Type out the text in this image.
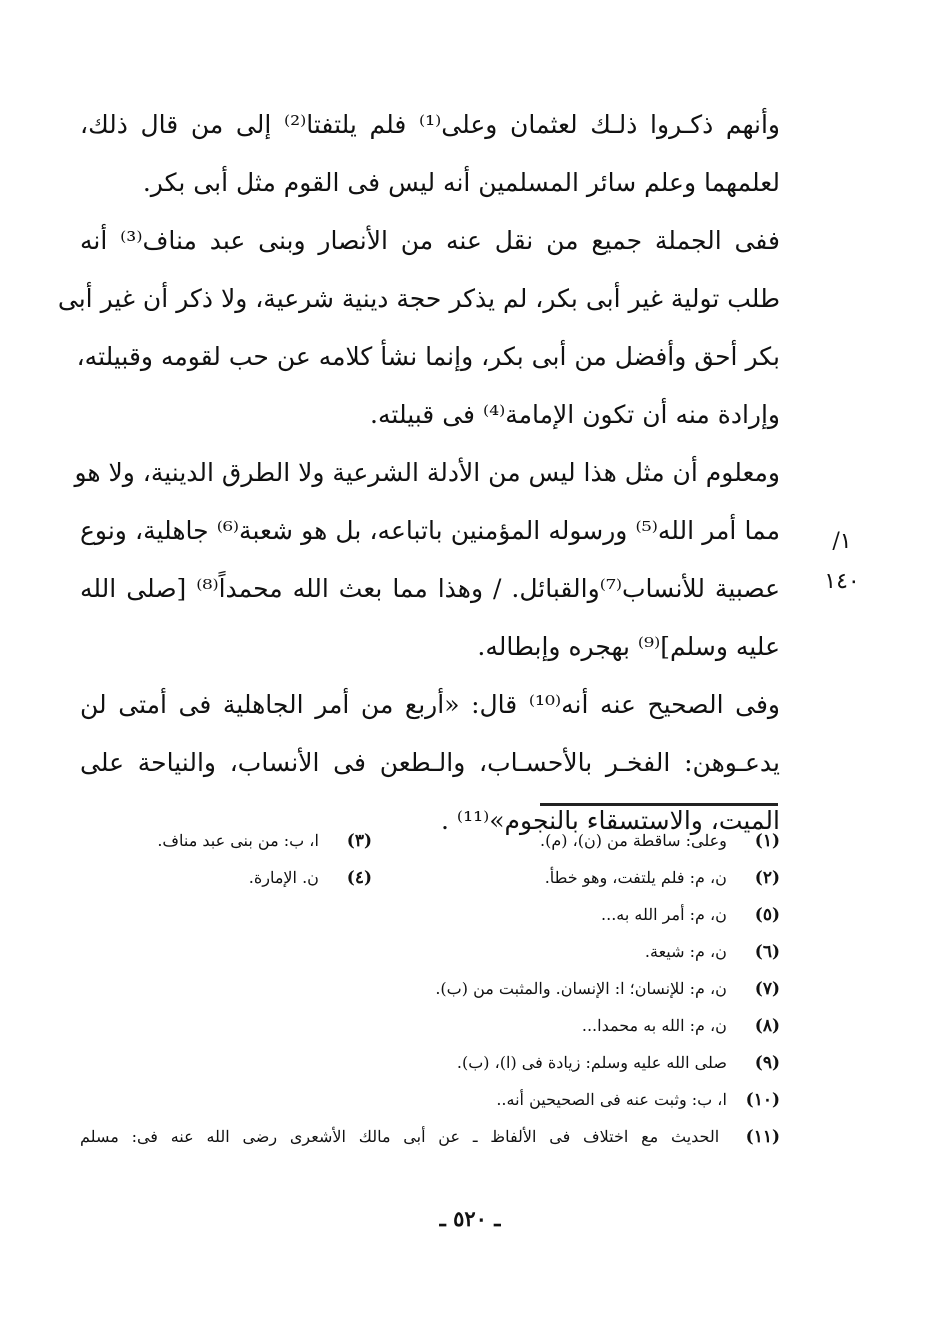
وأنهم ذكـروا ذلـك لعثمان وعلى⁽¹⁾ فلم يلتفتا⁽²⁾ إلى من قال ذلك،
لعلمهما وعلم سائر المسلمين أنه ليس فى القوم مثل أبى بكر.
ففى الجملة جميع من نقل عنه من الأنصار وبنى عبد مناف⁽³⁾ أنه
طلب تولية غير أبى بكر، لم يذكر حجة دينية شرعية، ولا ذكر أن غير أبى
بكر أحق وأفضل من أبى بكر، وإنما نشأ كلامه عن حب لقومه وقبيلته،
وإرادة منه أن تكون الإمامة⁽⁴⁾ فى قبيلته.
ومعلوم أن مثل هذا ليس من الأدلة الشرعية ولا الطرق الدينية، ولا هو
مما أمر الله⁽⁵⁾ ورسوله المؤمنين باتباعه، بل هو شعبة⁽⁶⁾ جاهلية، ونوع
عصبية للأنساب⁽⁷⁾والقبائل. / وهذا مما بعث الله محمداً⁽⁸⁾ [صلى الله
عليه وسلم]⁽⁹⁾ بهجره وإبطاله.
وفى الصحيح عنه أنه⁽¹⁰⁾ قال: «أربع من أمر الجاهلية فى أمتى لن
يدعـوهن: الفخـر بالأحسـاب، والـطعن فى الأنساب، والنياحة على
الميت، والاستسقاء بالنجوم»⁽¹¹⁾ .
١/ ١٤٠
(١) وعلى: ساقطة من (ن)، (م).
(٣) ا، ب: من بنى عبد مناف.
(٢) ن، م: فلم يلتفت، وهو خطأ.
(٤) ن. الإمارة.
(٥) ن، م: أمر الله به...
(٦) ن، م: شيعة.
(٧) ن، م: للإنسان؛ ا: الإنسان. والمثبت من (ب).
(٨) ن، م: الله به محمدا...
(٩) صلى الله عليه وسلم: زيادة فى (ا)، (ب).
(١٠) ا، ب: وثبت عنه فى الصحيحين أنه..
(١١) الحديث مع اختلاف فى الألفاظ ـ عن أبى مالك الأشعرى رضى الله عنه فى: مسلم
ـ ٥٢٠ ـ
